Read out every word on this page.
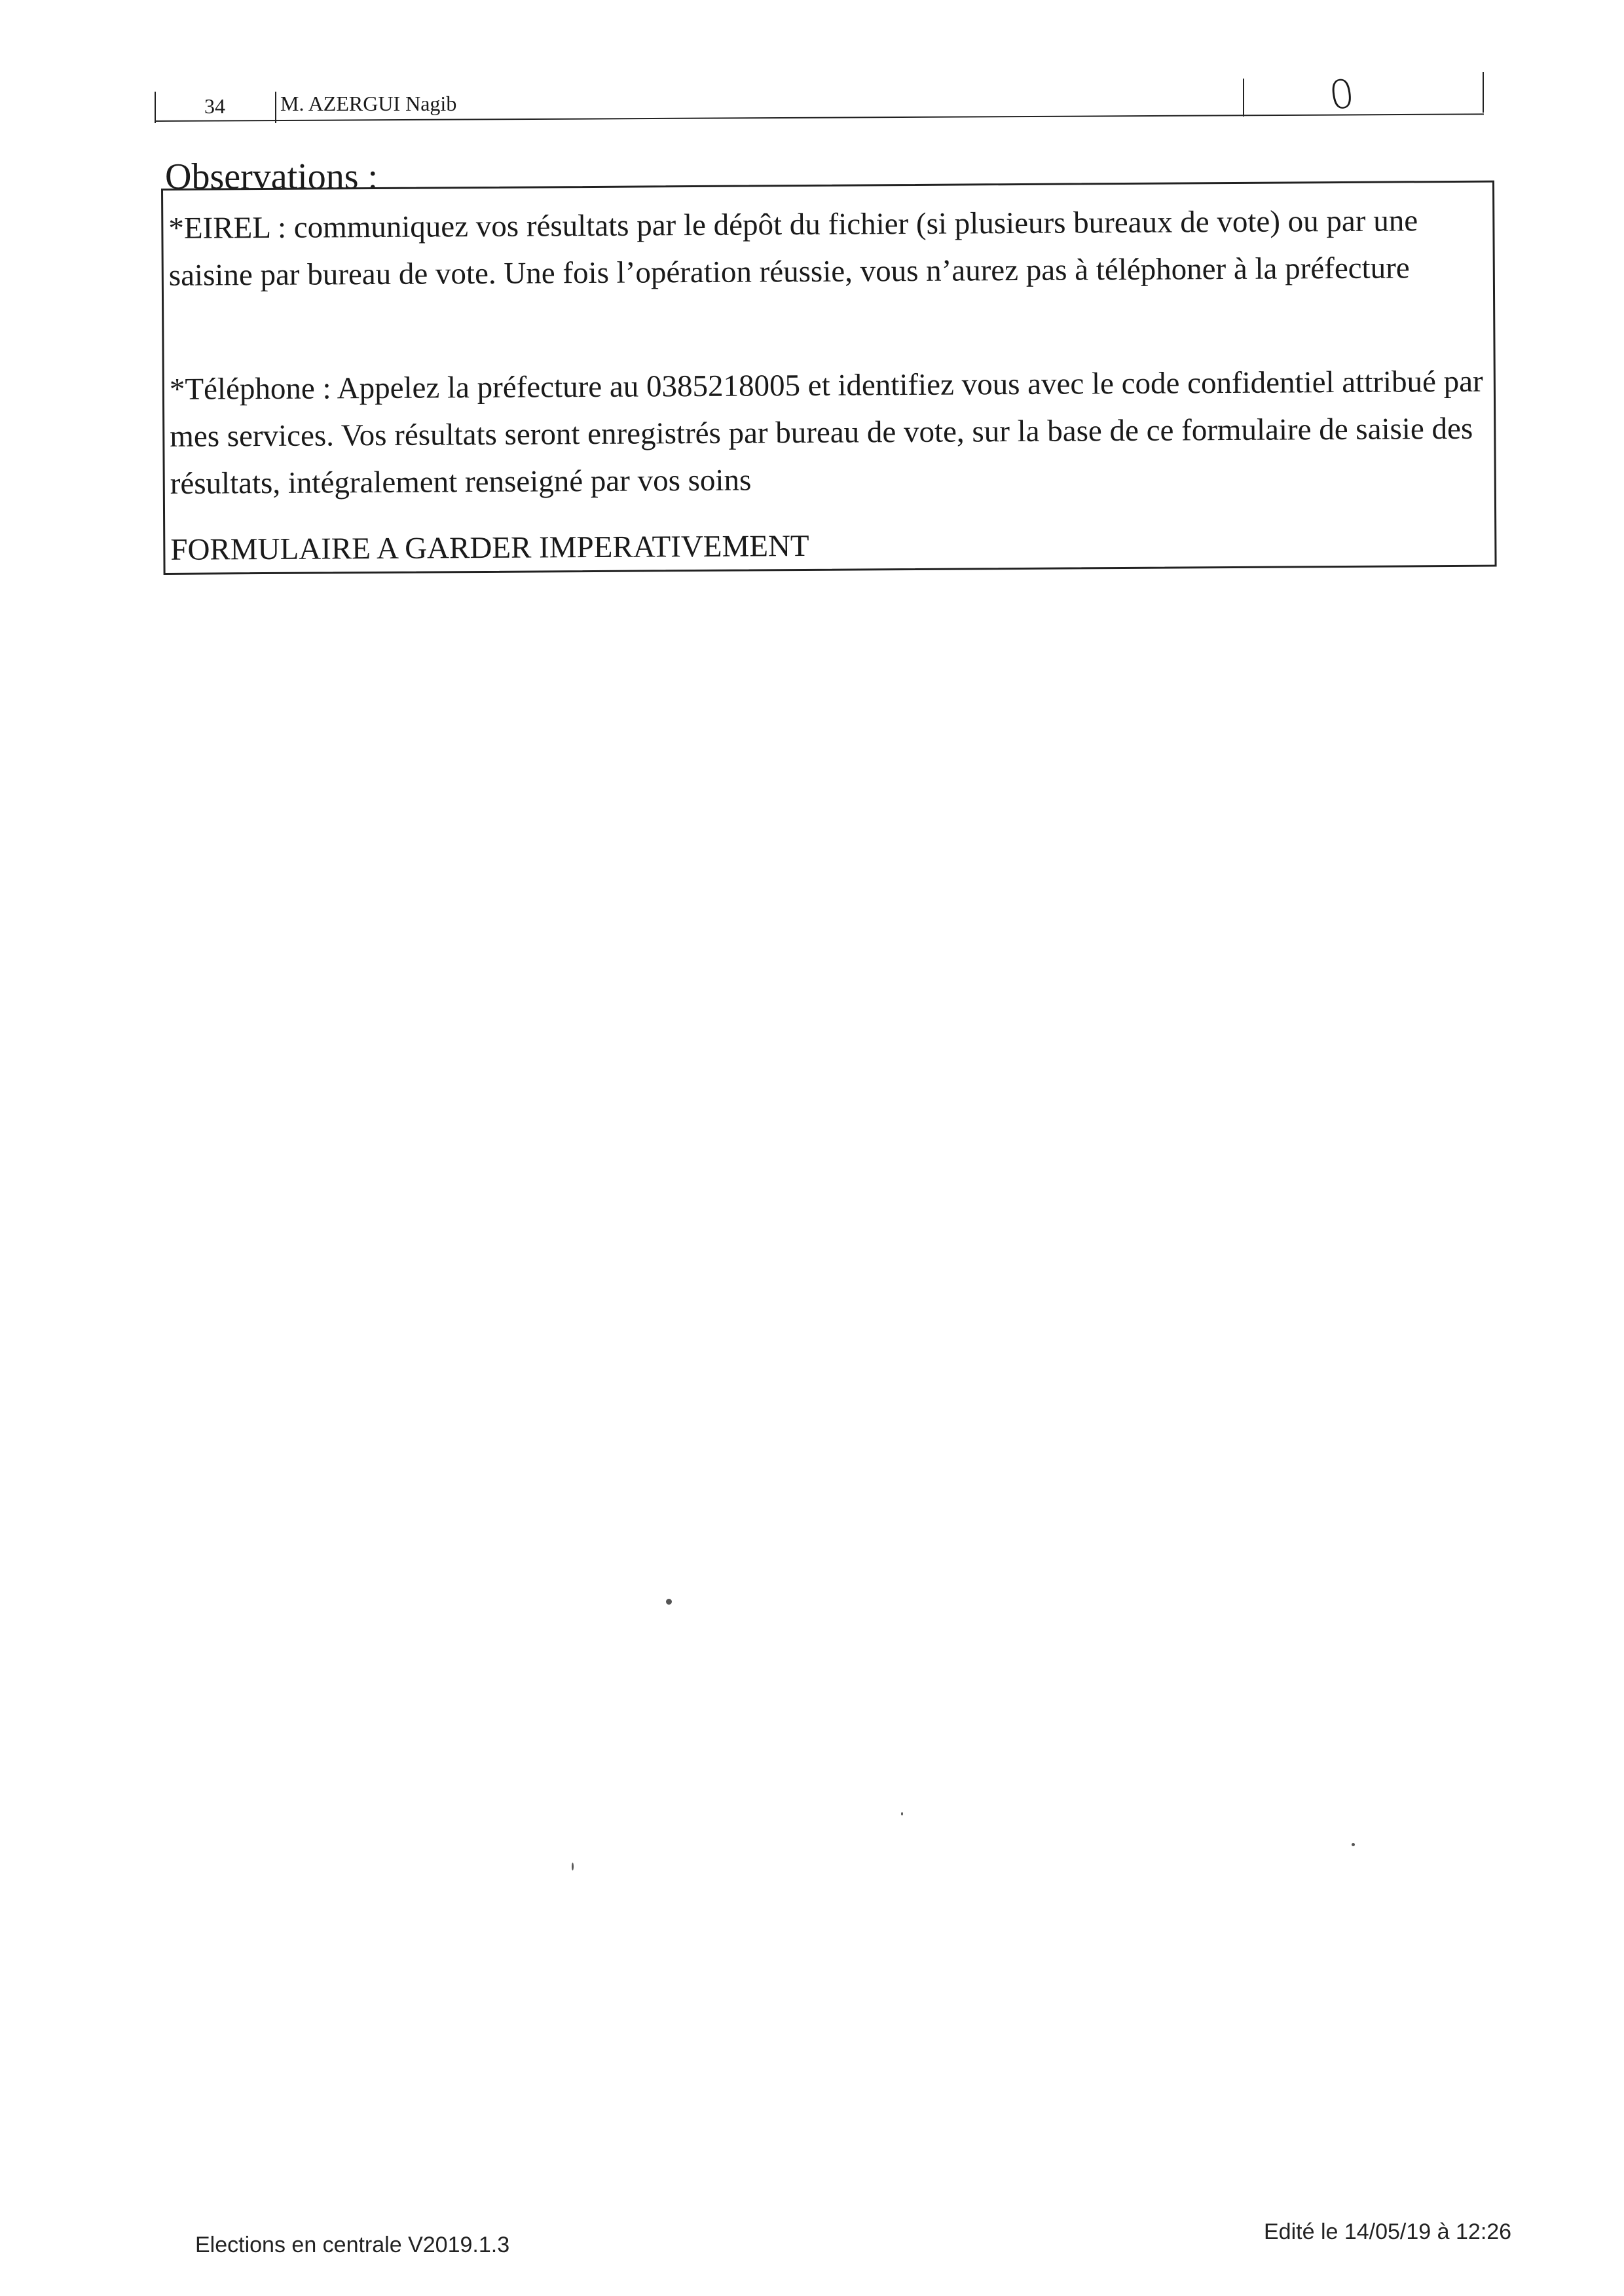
34	M. AZERGUI Nagib	0
Observations :

*EIREL : communiquez vos résultats par le dépôt du fichier (si plusieurs bureaux de vote) ou par une saisine par bureau de vote. Une fois l’opération réussie, vous n’aurez pas à téléphoner à la préfecture

*Téléphone : Appelez la préfecture au 0385218005 et identifiez vous avec le code confidentiel attribué par mes services. Vos résultats seront enregistrés par bureau de vote, sur la base de ce formulaire de saisie des résultats, intégralement renseigné par vos soins

FORMULAIRE A GARDER IMPERATIVEMENT
Elections en centrale V2019.1.3
Edité le 14/05/19 à 12:26
